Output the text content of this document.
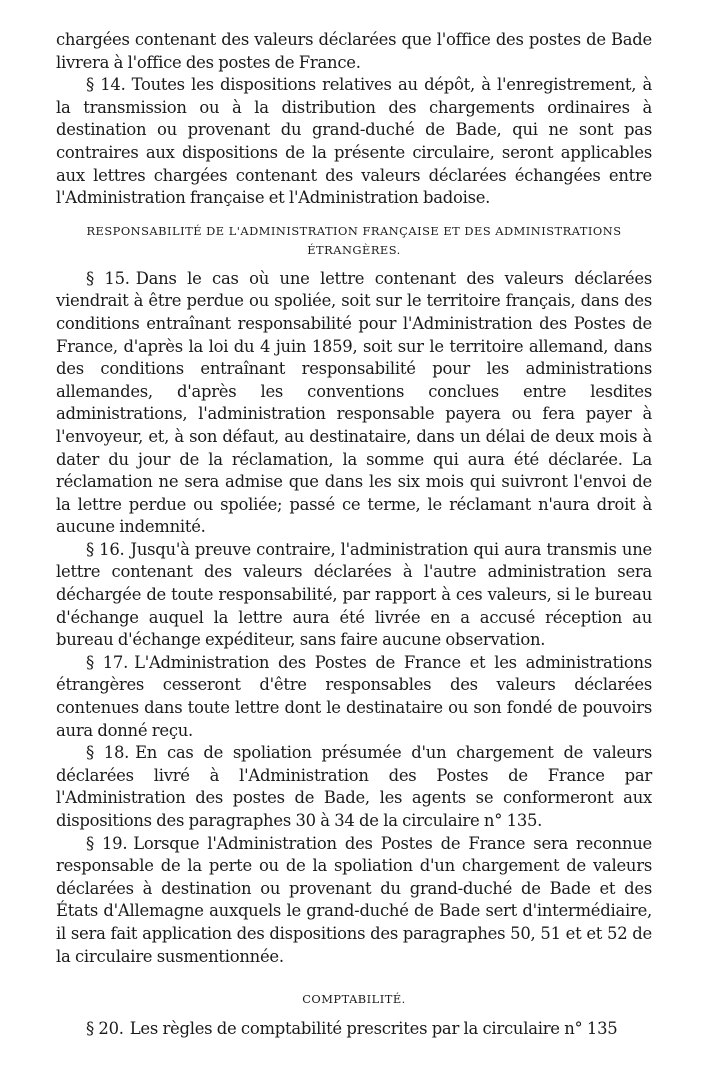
chargées contenant des valeurs déclarées que l'office des postes de Bade livrera à l'office des postes de France.

§ 14. Toutes les dispositions relatives au dépôt, à l'enregistrement, à la transmission ou à la distribution des chargements ordinaires à destination ou provenant du grand-duché de Bade, qui ne sont pas contraires aux dispositions de la présente circulaire, seront applicables aux lettres chargées contenant des valeurs déclarées échangées entre l'Administration française et l'Administration badoise.

RESPONSABILITÉ DE L'ADMINISTRATION FRANÇAISE ET DES ADMINISTRATIONS ÉTRANGÈRES.

§ 15. Dans le cas où une lettre contenant des valeurs déclarées viendrait à être perdue ou spoliée, soit sur le territoire français, dans des conditions entraînant responsabilité pour l'Administration des Postes de France, d'après la loi du 4 juin 1859, soit sur le territoire allemand, dans des conditions entraînant responsabilité pour les administrations allemandes, d'après les conventions conclues entre lesdites administrations, l'administration responsable payera ou fera payer à l'envoyeur, et, à son défaut, au destinataire, dans un délai de deux mois à dater du jour de la réclamation, la somme qui aura été déclarée. La réclamation ne sera admise que dans les six mois qui suivront l'envoi de la lettre perdue ou spoliée; passé ce terme, le réclamant n'aura droit à aucune indemnité.

§ 16. Jusqu'à preuve contraire, l'administration qui aura transmis une lettre contenant des valeurs déclarées à l'autre administration sera déchargée de toute responsabilité, par rapport à ces valeurs, si le bureau d'échange auquel la lettre aura été livrée en a accusé réception au bureau d'échange expéditeur, sans faire aucune observation.

§ 17. L'Administration des Postes de France et les administrations étrangères cesseront d'être responsables des valeurs déclarées contenues dans toute lettre dont le destinataire ou son fondé de pouvoirs aura donné reçu.

§ 18. En cas de spoliation présumée d'un chargement de valeurs déclarées livré à l'Administration des Postes de France par l'Administration des postes de Bade, les agents se conformeront aux dispositions des paragraphes 30 à 34 de la circulaire n° 135.

§ 19. Lorsque l'Administration des Postes de France sera reconnue responsable de la perte ou de la spoliation d'un chargement de valeurs déclarées à destination ou provenant du grand-duché de Bade et des États d'Allemagne auxquels le grand-duché de Bade sert d'intermédiaire, il sera fait application des dispositions des paragraphes 50, 51 et et 52 de la circulaire susmentionnée.

COMPTABILITÉ.

§ 20. Les règles de comptabilité prescrites par la circulaire n° 135
